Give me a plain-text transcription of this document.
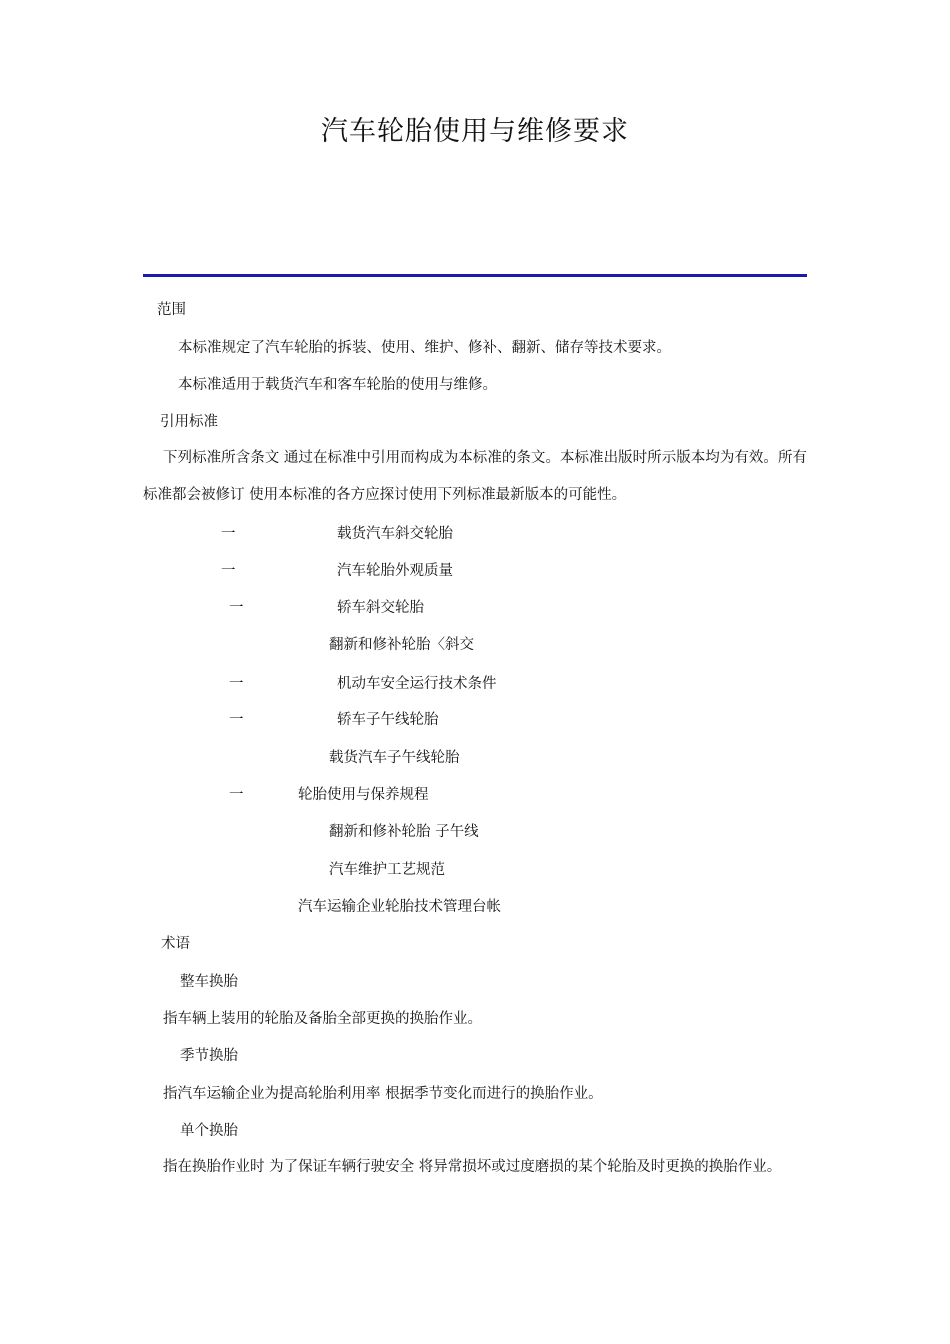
汽车轮胎使用与维修要求
范围
本标准规定了汽车轮胎的拆装、使用、维护、修补、翻新、储存等技术要求。
本标准适用于载货汽车和客车轮胎的使用与维修。
引用标准
下列标准所含条文 通过在标准中引用而构成为本标准的条文。本标准出版时所示版本均为有效。所有标准都会被修订 使用本标准的各方应探讨使用下列标准最新版本的可能性。
一	载货汽车斜交轮胎
一	汽车轮胎外观质量
一	轿车斜交轮胎
翻新和修补轮胎〈斜交
一	机动车安全运行技术条件
一	轿车子午线轮胎
载货汽车子午线轮胎
一	轮胎使用与保养规程
翻新和修补轮胎 子午线
汽车维护工艺规范
汽车运输企业轮胎技术管理台帐
术语
整车换胎
指车辆上装用的轮胎及备胎全部更换的换胎作业。
季节换胎
指汽车运输企业为提高轮胎利用率 根据季节变化而进行的换胎作业。
单个换胎
指在换胎作业时 为了保证车辆行驶安全 将异常损坏或过度磨损的某个轮胎及时更换的换胎作业。
